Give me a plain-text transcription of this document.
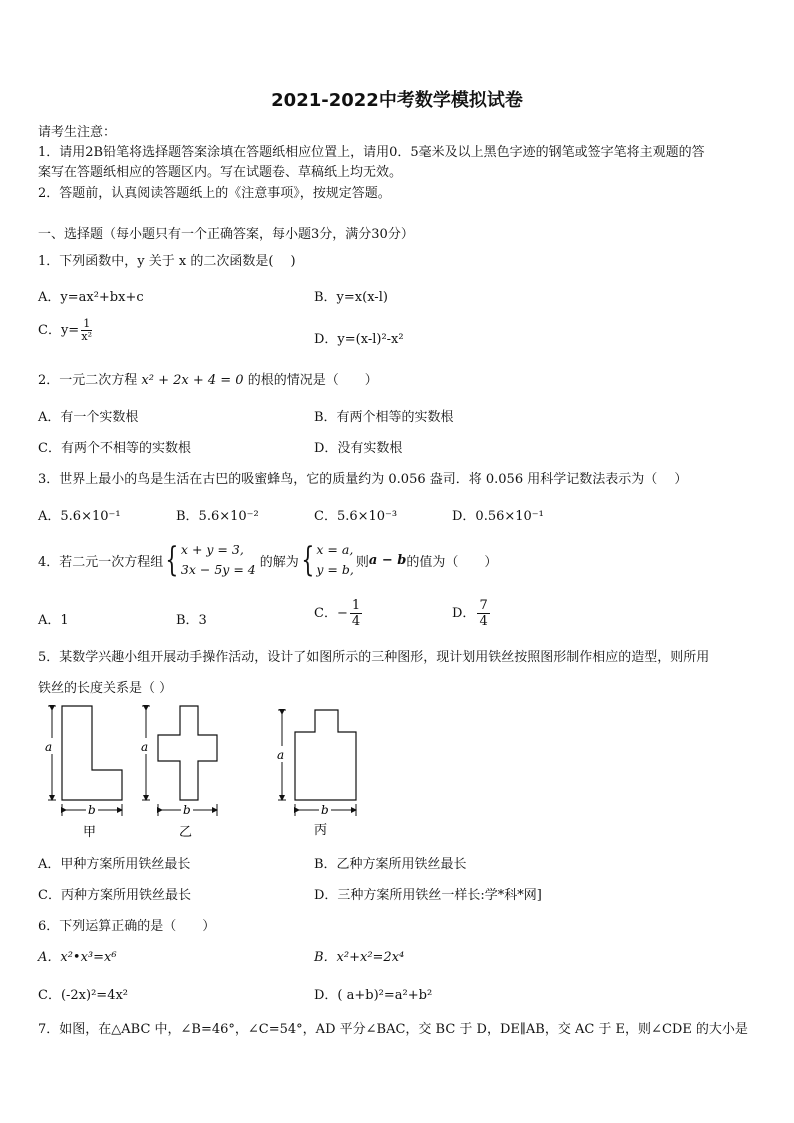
2021-2022中考数学模拟试卷
请考生注意：
1．请用2B铅笔将选择题答案涂填在答题纸相应位置上，请用0．5毫米及以上黑色字迹的钢笔或签字笔将主观题的答
案写在答题纸相应的答题区内。写在试题卷、草稿纸上均无效。
2．答题前，认真阅读答题纸上的《注意事项》，按规定答题。
一、选择题（每小题只有一个正确答案，每小题3分，满分30分）
1．下列函数中，y 关于 x 的二次函数是(　 )
A．y=ax²+bx+c	B．y=x(x-l)
C．$y= \frac{1}{\text{x²}}$	D．y=(x-l)²-x²
2．一元二次方程 x² + 2x + 4 = 0 的根的情况是（　　）
A．有一个实数根	B．有两个相等的实数根
C．有两个不相等的实数根	D．没有实数根
3．世界上最小的鸟是生活在古巴的吸蜜蜂鸟，它的质量约为 0.056 盎司．将 0.056 用科学记数法表示为（　 ）
A．5.6×10⁻¹	B．5.6×10⁻²	C．5.6×10⁻³	D．0.56×10⁻¹
4．若二元一次方程组 { x + y = 3,
3x − 5y = 4 的解为 { x = a,
y = b, 则 a − b 的值为（　　）
A．1	B．3	C．− $\frac{1}{4}$	D． $\frac{7}{4}$
5．某数学兴趣小组开展动手操作活动，设计了如图所示的三种图形，现计划用铁丝按照图形制作相应的造型，则所用
铁丝的长度关系是（ ）
a
b
甲
a
b
乙
a
b
丙
A．甲种方案所用铁丝最长	B．乙种方案所用铁丝最长
C．丙种方案所用铁丝最长	D．三种方案所用铁丝一样长:学*科*网]
6．下列运算正确的是（　　）
A．x²•x³=x⁶	B．x²+x²=2x⁴
C．(-2x)²=4x²	D．( a+b)²=a²+b²
7．如图，在△ABC 中，∠B=46°，∠C=54°，AD 平分∠BAC，交 BC 于 D，DE∥AB，交 AC 于 E，则∠CDE 的大小是
